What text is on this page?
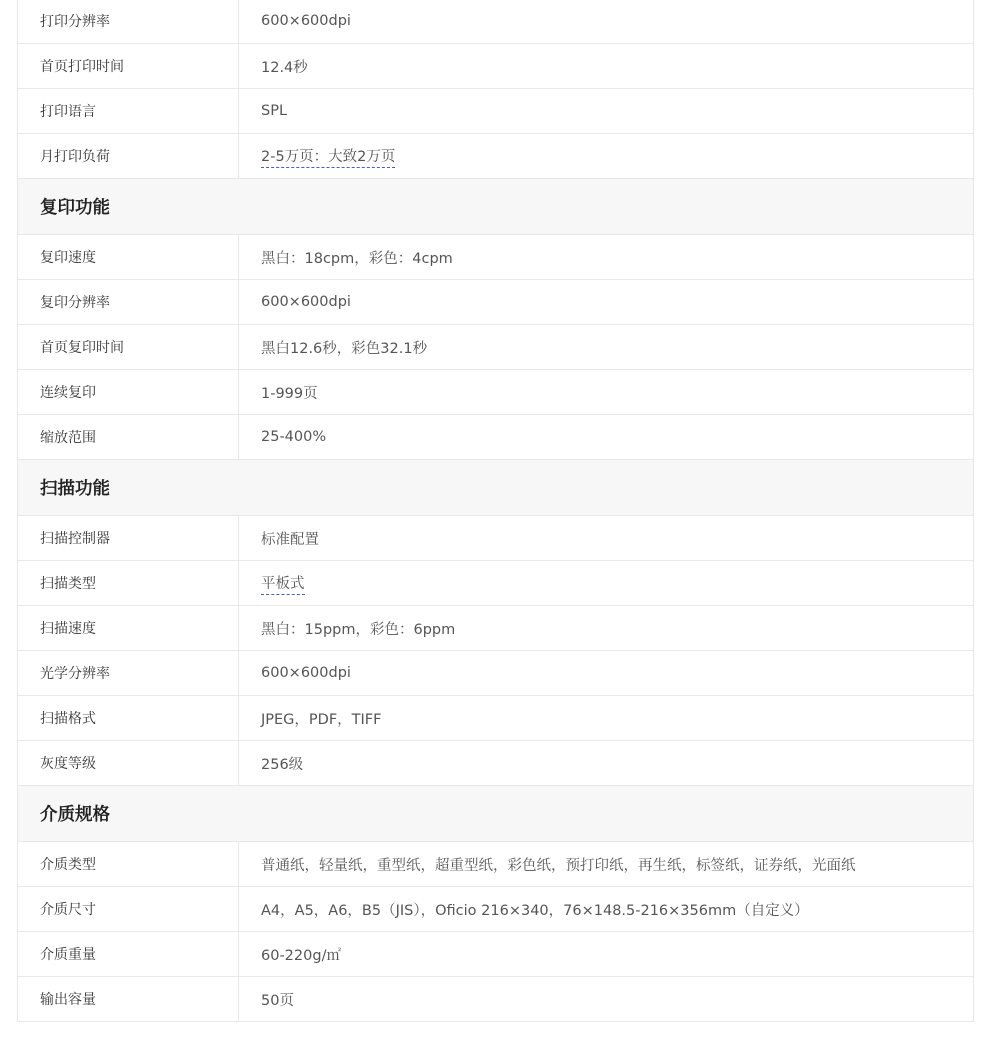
打印分辨率	600×600dpi
首页打印时间	12.4秒
打印语言	SPL
月打印负荷	2-5万页：大致2万页
复印功能
复印速度	黑白：18cpm，彩色：4cpm
复印分辨率	600×600dpi
首页复印时间	黑白12.6秒，彩色32.1秒
连续复印	1-999页
缩放范围	25-400%
扫描功能
扫描控制器	标准配置
扫描类型	平板式
扫描速度	黑白：15ppm，彩色：6ppm
光学分辨率	600×600dpi
扫描格式	JPEG，PDF，TIFF
灰度等级	256级
介质规格
介质类型	普通纸，轻量纸，重型纸，超重型纸，彩色纸，预打印纸，再生纸，标签纸，证券纸，光面纸
介质尺寸	A4，A5，A6，B5（JIS），Oficio 216×340，76×148.5-216×356mm（自定义）
介质重量	60-220g/㎡
输出容量	50页
